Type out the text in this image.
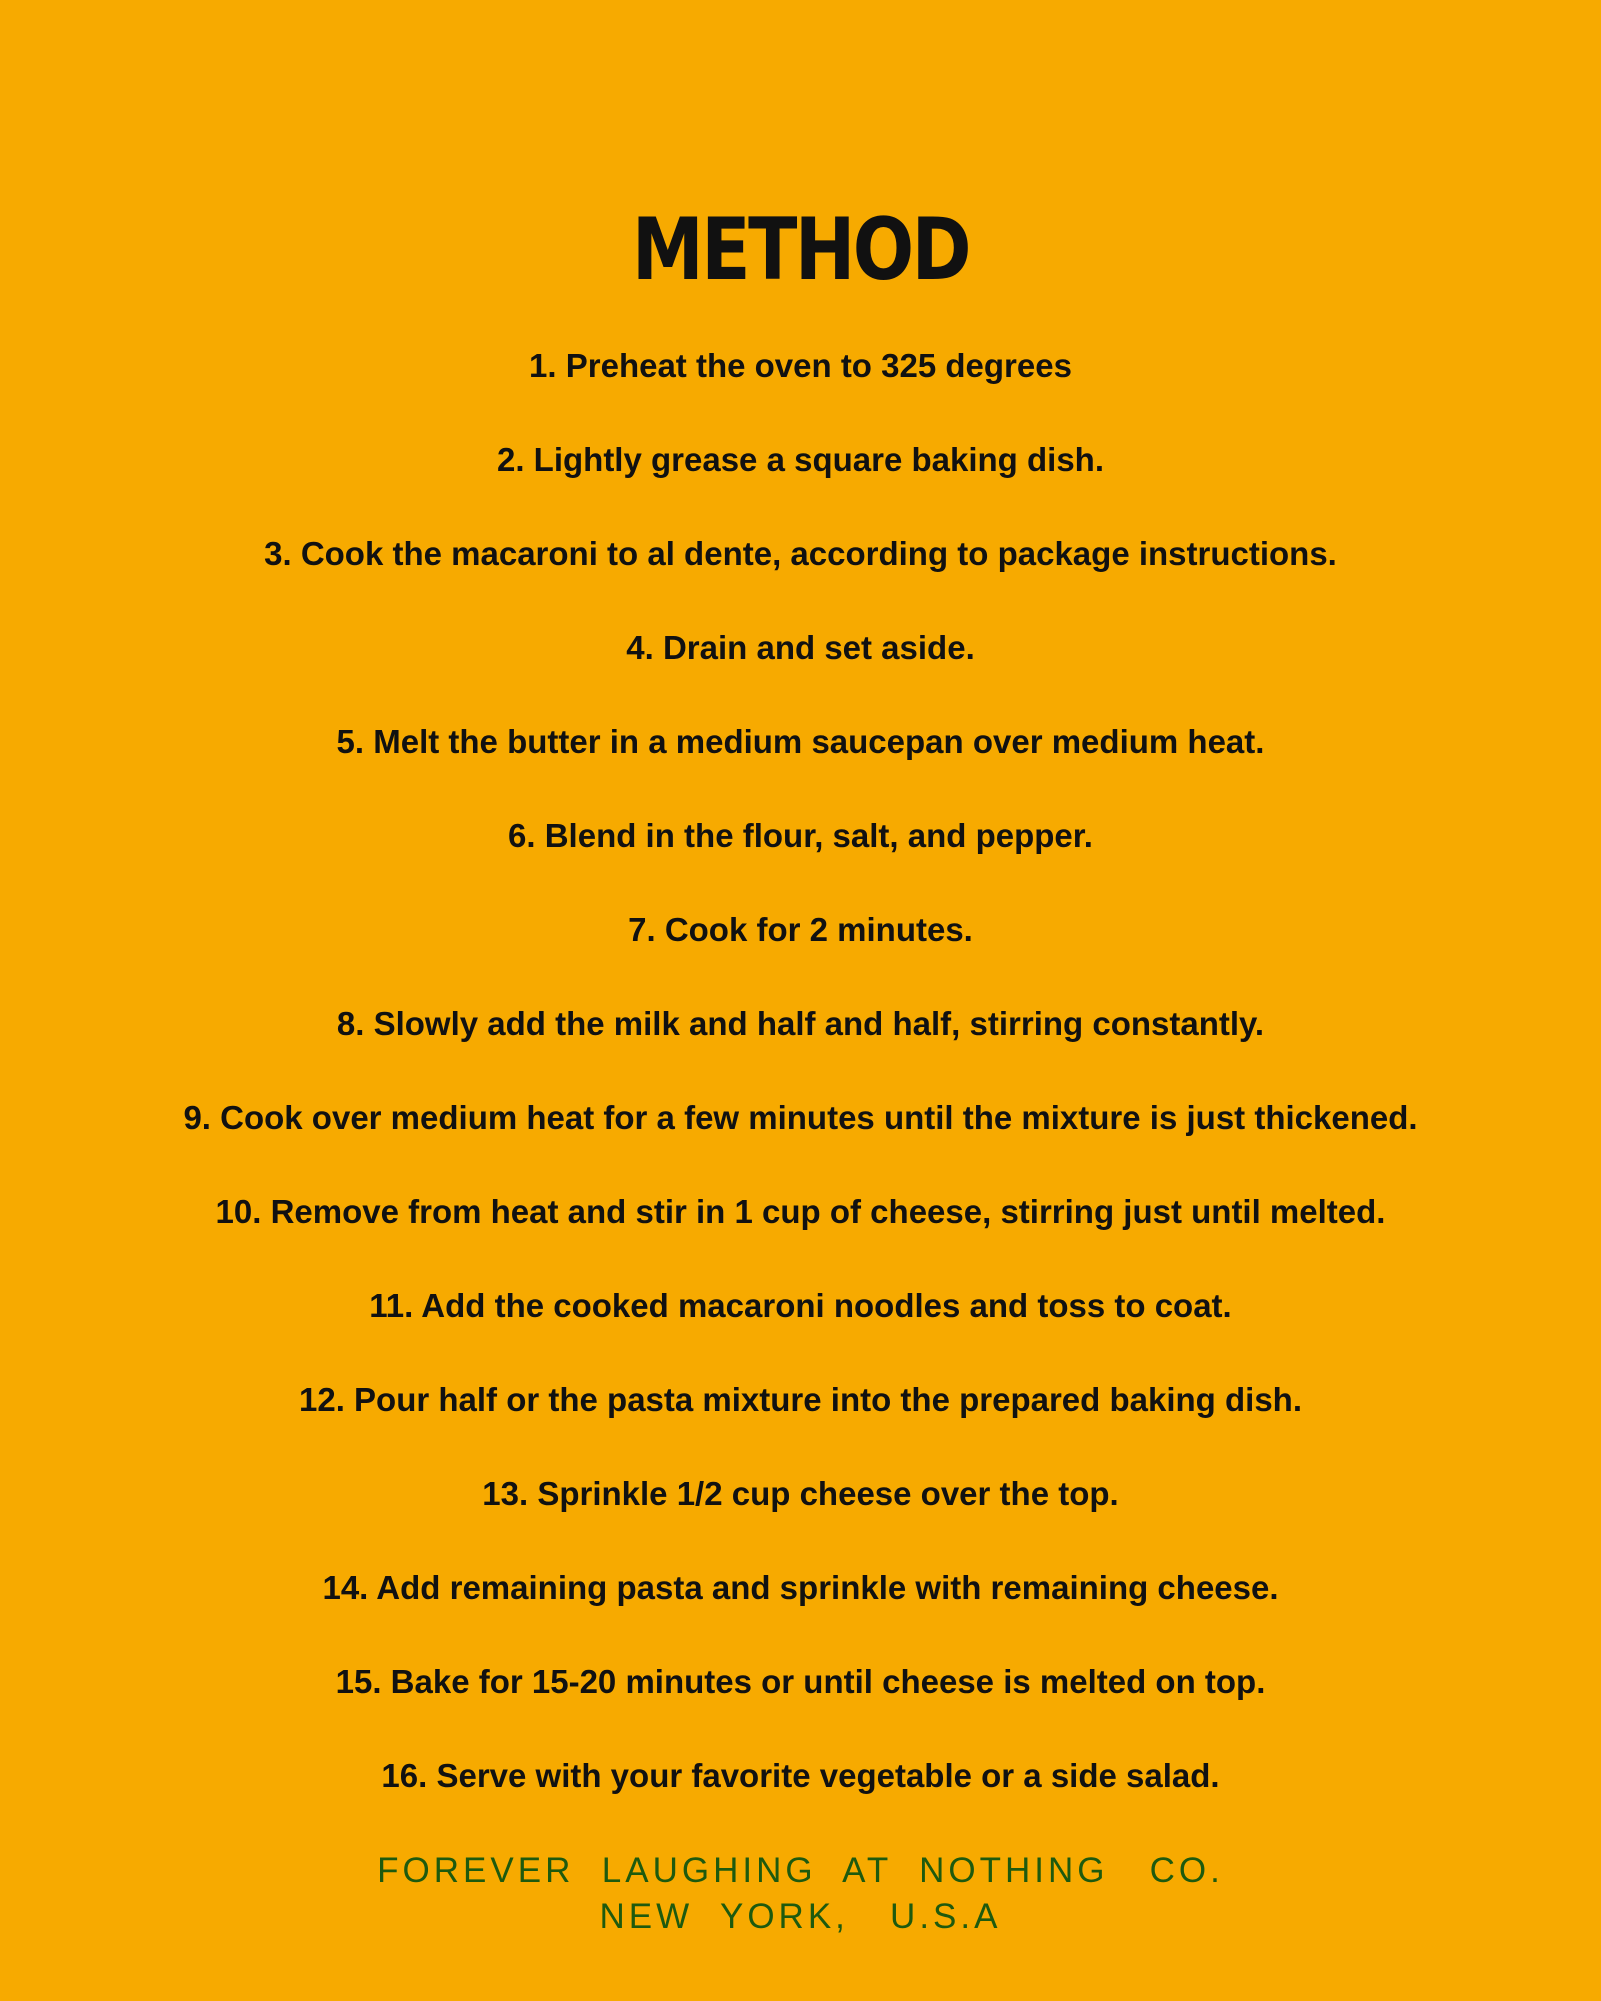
METHOD
1. Preheat the oven to 325 degrees
2. Lightly grease a square baking dish.
3. Cook the macaroni to al dente, according to package instructions.
4. Drain and set aside.
5. Melt the butter in a medium saucepan over medium heat.
6. Blend in the flour, salt, and pepper.
7. Cook for 2 minutes.
8. Slowly add the milk and half and half, stirring constantly.
9. Cook over medium heat for a few minutes until the mixture is just thickened.
10. Remove from heat and stir in 1 cup of cheese, stirring just until melted.
11. Add the cooked macaroni noodles and toss to coat.
12. Pour half or the pasta mixture into the prepared baking dish.
13. Sprinkle 1/2 cup cheese over the top.
14. Add remaining pasta and sprinkle with remaining cheese.
15. Bake for 15-20 minutes or until cheese is melted on top.
16. Serve with your favorite vegetable or a side salad.
FOREVER  LAUGHING  AT  NOTHING   CO.
NEW  YORK,   U.S.A
